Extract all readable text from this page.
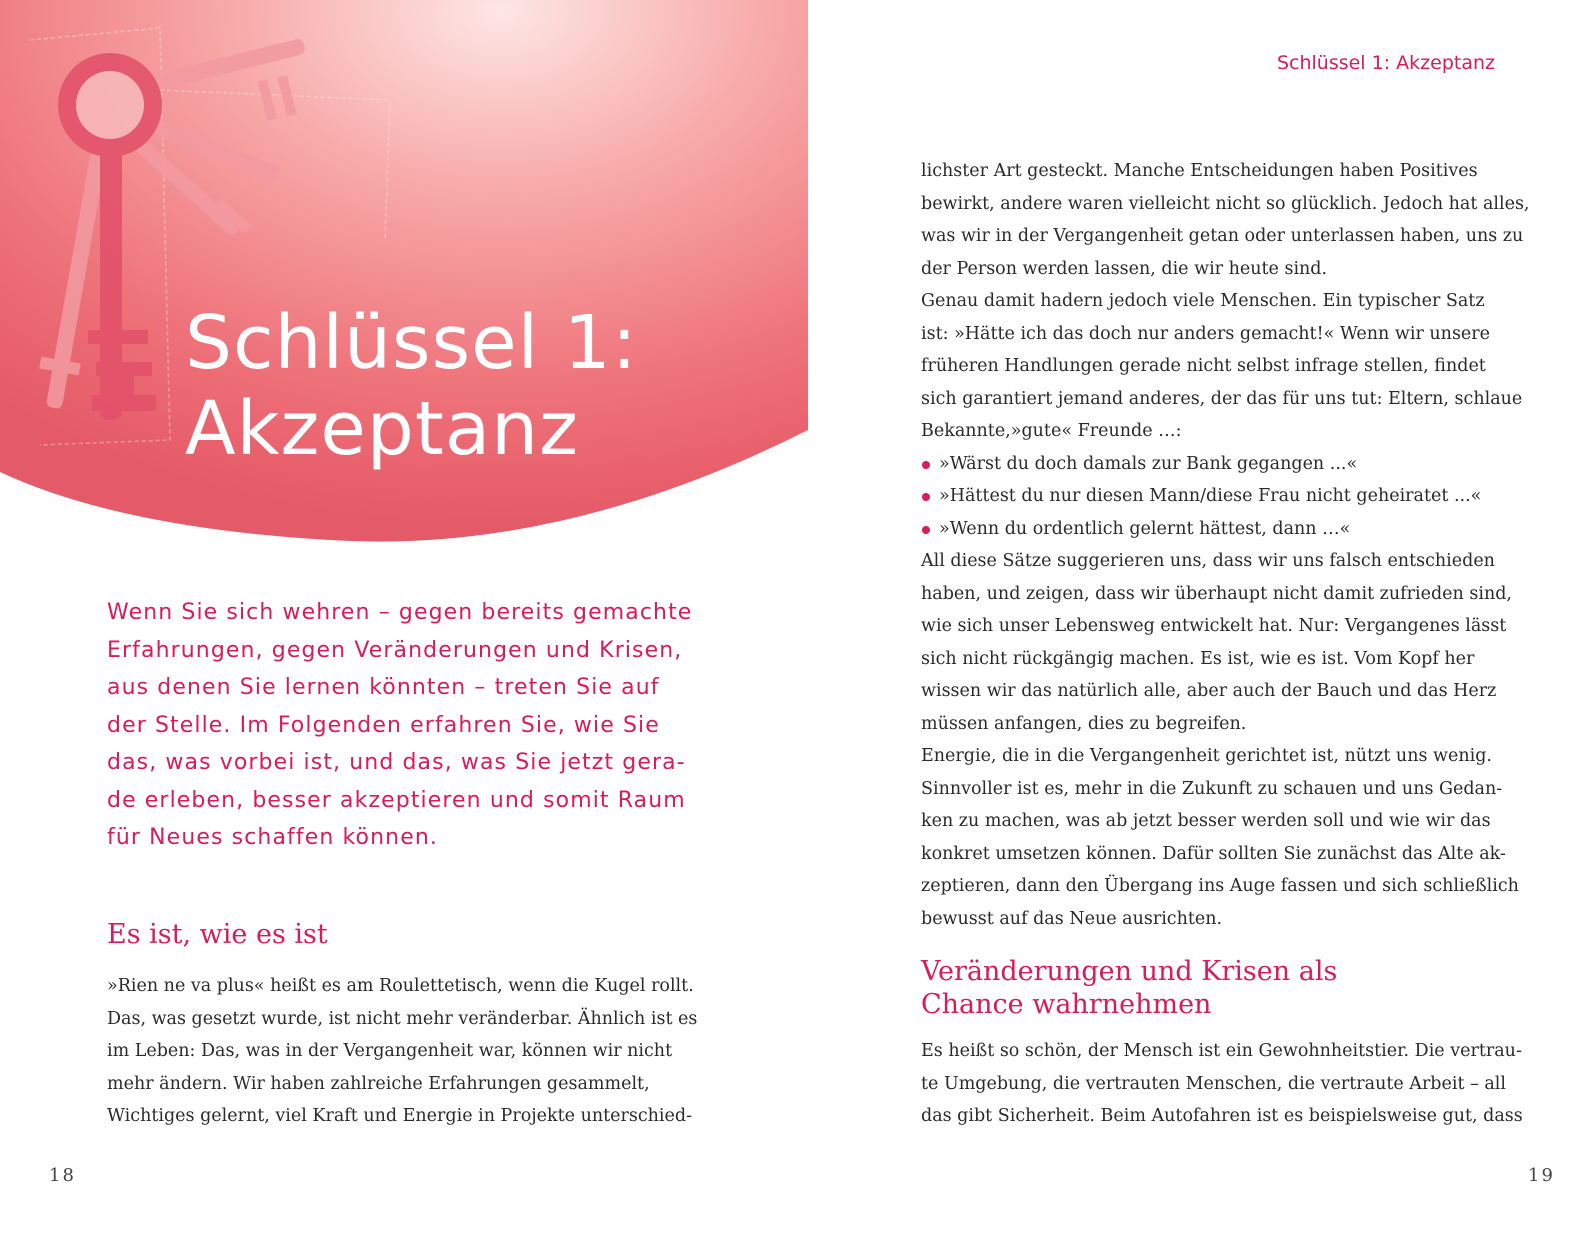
Schlüssel 1:
Akzeptanz
Wenn Sie sich wehren – gegen bereits gemachte
Erfahrungen, gegen Veränderungen und Krisen,
aus denen Sie lernen könnten – treten Sie auf
der Stelle. Im Folgenden erfahren Sie, wie Sie
das, was vorbei ist, und das, was Sie jetzt gera-
de erleben, besser akzeptieren und somit Raum
für Neues schaffen können.
Es ist, wie es ist
»Rien ne va plus« heißt es am Roulettetisch, wenn die Kugel rollt.
Das, was gesetzt wurde, ist nicht mehr veränderbar. Ähnlich ist es
im Leben: Das, was in der Vergangenheit war, können wir nicht
mehr ändern. Wir haben zahlreiche Erfahrungen gesammelt,
Wichtiges gelernt, viel Kraft und Energie in Projekte unterschied-
18
Schlüssel 1: Akzeptanz

lichster Art gesteckt. Manche Entscheidungen haben Positives
bewirkt, andere waren vielleicht nicht so glücklich. Jedoch hat alles,
was wir in der Vergangenheit getan oder unterlassen haben, uns zu
der Person werden lassen, die wir heute sind.

Genau damit hadern jedoch viele Menschen. Ein typischer Satz
ist: »Hätte ich das doch nur anders gemacht!« Wenn wir unsere
früheren Handlungen gerade nicht selbst infrage stellen, findet
sich garantiert jemand anderes, der das für uns tut: Eltern, schlaue
Bekannte,»gute« Freunde …:

»Wärst du doch damals zur Bank gegangen ...«
»Hättest du nur diesen Mann/diese Frau nicht geheiratet ...«
»Wenn du ordentlich gelernt hättest, dann …«

All diese Sätze suggerieren uns, dass wir uns falsch entschieden
haben, und zeigen, dass wir überhaupt nicht damit zufrieden sind,
wie sich unser Lebensweg entwickelt hat. Nur: Vergangenes lässt
sich nicht rückgängig machen. Es ist, wie es ist. Vom Kopf her
wissen wir das natürlich alle, aber auch der Bauch und das Herz
müssen anfangen, dies zu begreifen.

Energie, die in die Vergangenheit gerichtet ist, nützt uns wenig.
Sinnvoller ist es, mehr in die Zukunft zu schauen und uns Gedan-
ken zu machen, was ab jetzt besser werden soll und wie wir das
konkret umsetzen können. Dafür sollten Sie zunächst das Alte ak-
zeptieren, dann den Übergang ins Auge fassen und sich schließlich
bewusst auf das Neue ausrichten.

Veränderungen und Krisen als
Chance wahrnehmen
Es heißt so schön, der Mensch ist ein Gewohnheitstier. Die vertrau-
te Umgebung, die vertrauten Menschen, die vertraute Arbeit – all
das gibt Sicherheit. Beim Autofahren ist es beispielsweise gut, dass
19
